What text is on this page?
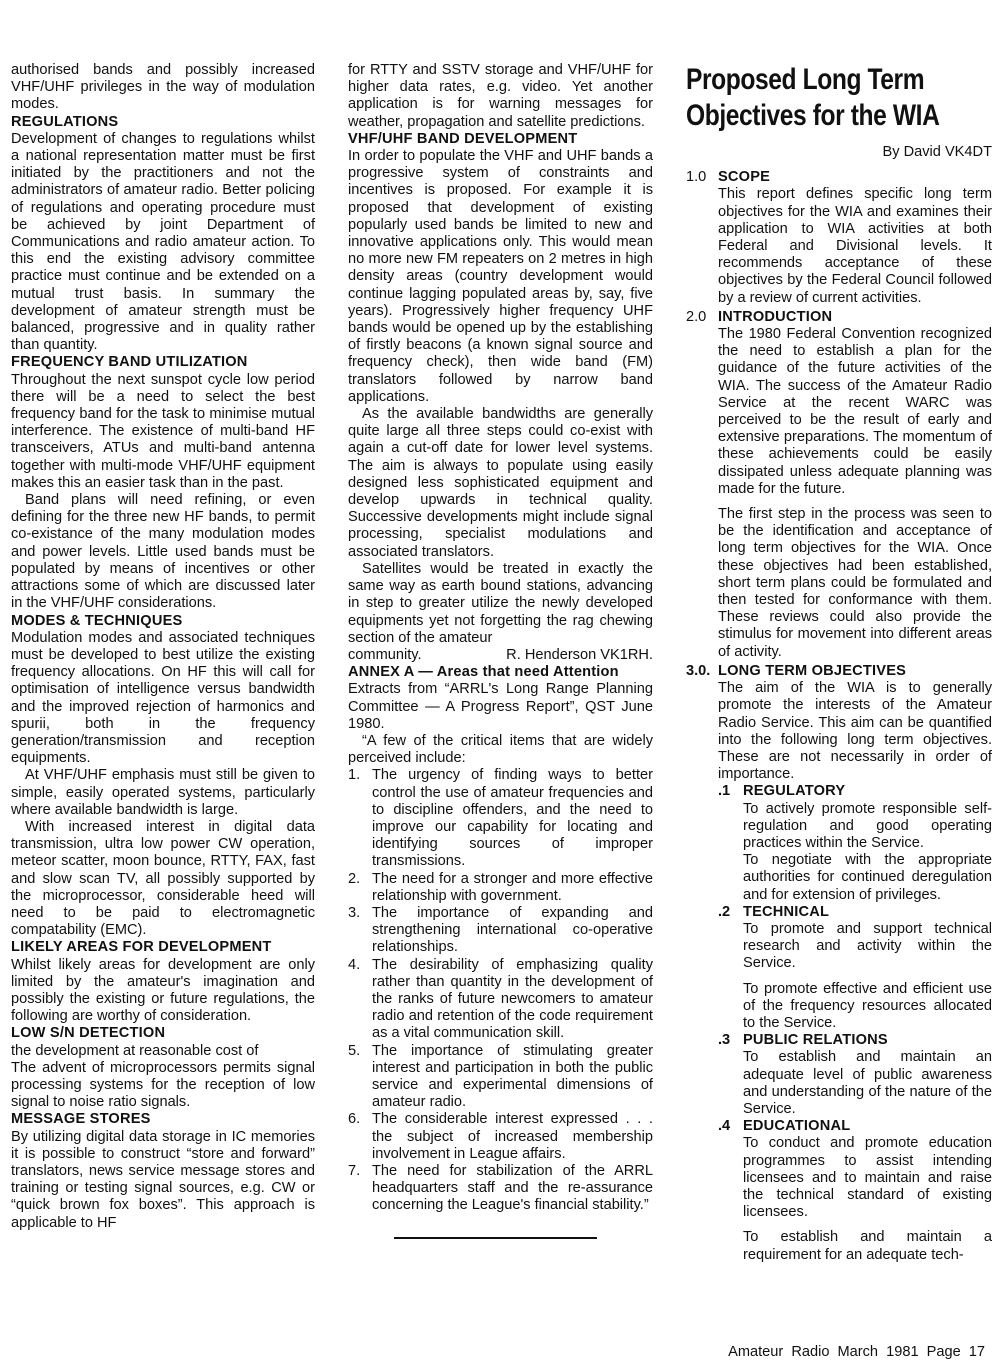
authorised bands and possibly increased VHF/UHF privileges in the way of modulation modes.

REGULATIONS

Development of changes to regulations whilst a national representation matter must be first initiated by the practitioners and not the administrators of amateur radio. Better policing of regulations and operating procedure must be achieved by joint Department of Communications and radio amateur action. To this end the existing advisory committee practice must continue and be extended on a mutual trust basis. In summary the development of amateur strength must be balanced, progressive and in quality rather than quantity.

FREQUENCY BAND UTILIZATION

Throughout the next sunspot cycle low period there will be a need to select the best frequency band for the task to minimise mutual interference. The existence of multi-band HF transceivers, ATUs and multi-band antenna together with multi-mode VHF/UHF equipment makes this an easier task than in the past.

Band plans will need refining, or even defining for the three new HF bands, to permit co-existance of the many modulation modes and power levels. Little used bands must be populated by means of incentives or other attractions some of which are discussed later in the VHF/UHF considerations.

MODES & TECHNIQUES

Modulation modes and associated techniques must be developed to best utilize the existing frequency allocations. On HF this will call for optimisation of intelligence versus bandwidth and the improved rejection of harmonics and spurii, both in the frequency generation/transmission and reception equipments.

At VHF/UHF emphasis must still be given to simple, easily operated systems, particularly where available bandwidth is large.

With increased interest in digital data transmission, ultra low power CW operation, meteor scatter, moon bounce, RTTY, FAX, fast and slow scan TV, all possibly supported by the microprocessor, considerable heed will need to be paid to electromagnetic compatability (EMC).

LIKELY AREAS FOR DEVELOPMENT

Whilst likely areas for development are only limited by the amateur's imagination and possibly the existing or future regulations, the following are worthy of consideration.

LOW S/N DETECTION

the development at reasonable cost of

The advent of microprocessors permits signal processing systems for the reception of low signal to noise ratio signals.

MESSAGE STORES

By utilizing digital data storage in IC memories it is possible to construct “store and forward” translators, news service message stores and training or testing signal sources, e.g. CW or “quick brown fox boxes”. This approach is applicable to HF

for RTTY and SSTV storage and VHF/UHF for higher data rates, e.g. video. Yet another application is for warning messages for weather, propagation and satellite predictions.

VHF/UHF BAND DEVELOPMENT

In order to populate the VHF and UHF bands a progressive system of constraints and incentives is proposed. For example it is proposed that development of existing popularly used bands be limited to new and innovative applications only. This would mean no more new FM repeaters on 2 metres in high density areas (country development would continue lagging populated areas by, say, five years). Progressively higher frequency UHF bands would be opened up by the establishing of firstly beacons (a known signal source and frequency check), then wide band (FM) translators followed by narrow band applications.

As the available bandwidths are generally quite large all three steps could co-exist with again a cut-off date for lower level systems. The aim is always to populate using easily designed less sophisticated equipment and develop upwards in technical quality. Successive developments might include signal processing, specialist modulations and associated translators.

Satellites would be treated in exactly the same way as earth bound stations, advancing in step to greater utilize the newly developed equipments yet not forgetting the rag chewing section of the amateur

community.	R. Henderson VK1RH.
ANNEX A — Areas that need Attention

Extracts from “ARRL's Long Range Planning Committee — A Progress Report”, QST June 1980.

“A few of the critical items that are widely perceived include:

1. The urgency of finding ways to better control the use of amateur frequencies and to discipline offenders, and the need to improve our capability for locating and identifying sources of improper transmissions.
2. The need for a stronger and more effective relationship with government.
3. The importance of expanding and strengthening international co-operative relationships.
4. The desirability of emphasizing quality rather than quantity in the development of the ranks of future newcomers to amateur radio and retention of the code requirement as a vital communication skill.
5. The importance of stimulating greater interest and participation in both the public service and experimental dimensions of amateur radio.
6. The considerable interest expressed . . . the subject of increased membership involvement in League affairs.
7. The need for stabilization of the ARRL headquarters staff and the re-assurance concerning the League's financial stability.”
Proposed Long Term
Objectives for the WIA
By David VK4DT
1.0 SCOPE

This report defines specific long term objectives for the WIA and examines their application to WIA activities at both Federal and Divisional levels. It recommends acceptance of these objectives by the Federal Council followed by a review of current activities.

2.0 INTRODUCTION

The 1980 Federal Convention recognized the need to establish a plan for the guidance of the future activities of the WIA. The success of the Amateur Radio Service at the recent WARC was perceived to be the result of early and extensive preparations. The momentum of these achievements could be easily dissipated unless adequate planning was made for the future.

The first step in the process was seen to be the identification and acceptance of long term objectives for the WIA. Once these objectives had been established, short term plans could be formulated and then tested for conformance with them. These reviews could also provide the stimulus for movement into different areas of activity.

3.0. LONG TERM OBJECTIVES

The aim of the WIA is to generally promote the interests of the Amateur Radio Service. This aim can be quantified into the following long term objectives. These are not necessarily in order of importance.

.1 REGULATORY

To actively promote responsible self-regulation and good operating practices within the Service.

To negotiate with the appropriate authorities for continued deregulation and for extension of privileges.

.2 TECHNICAL

To promote and support technical research and activity within the Service.

To promote effective and efficient use of the frequency resources allocated to the Service.

.3 PUBLIC RELATIONS

To establish and maintain an adequate level of public awareness and understanding of the nature of the Service.

.4 EDUCATIONAL

To conduct and promote education programmes to assist intending licensees and to maintain and raise the technical standard of existing licensees.

To establish and maintain a requirement for an adequate tech-

Amateur Radio March 1981 Page 17
